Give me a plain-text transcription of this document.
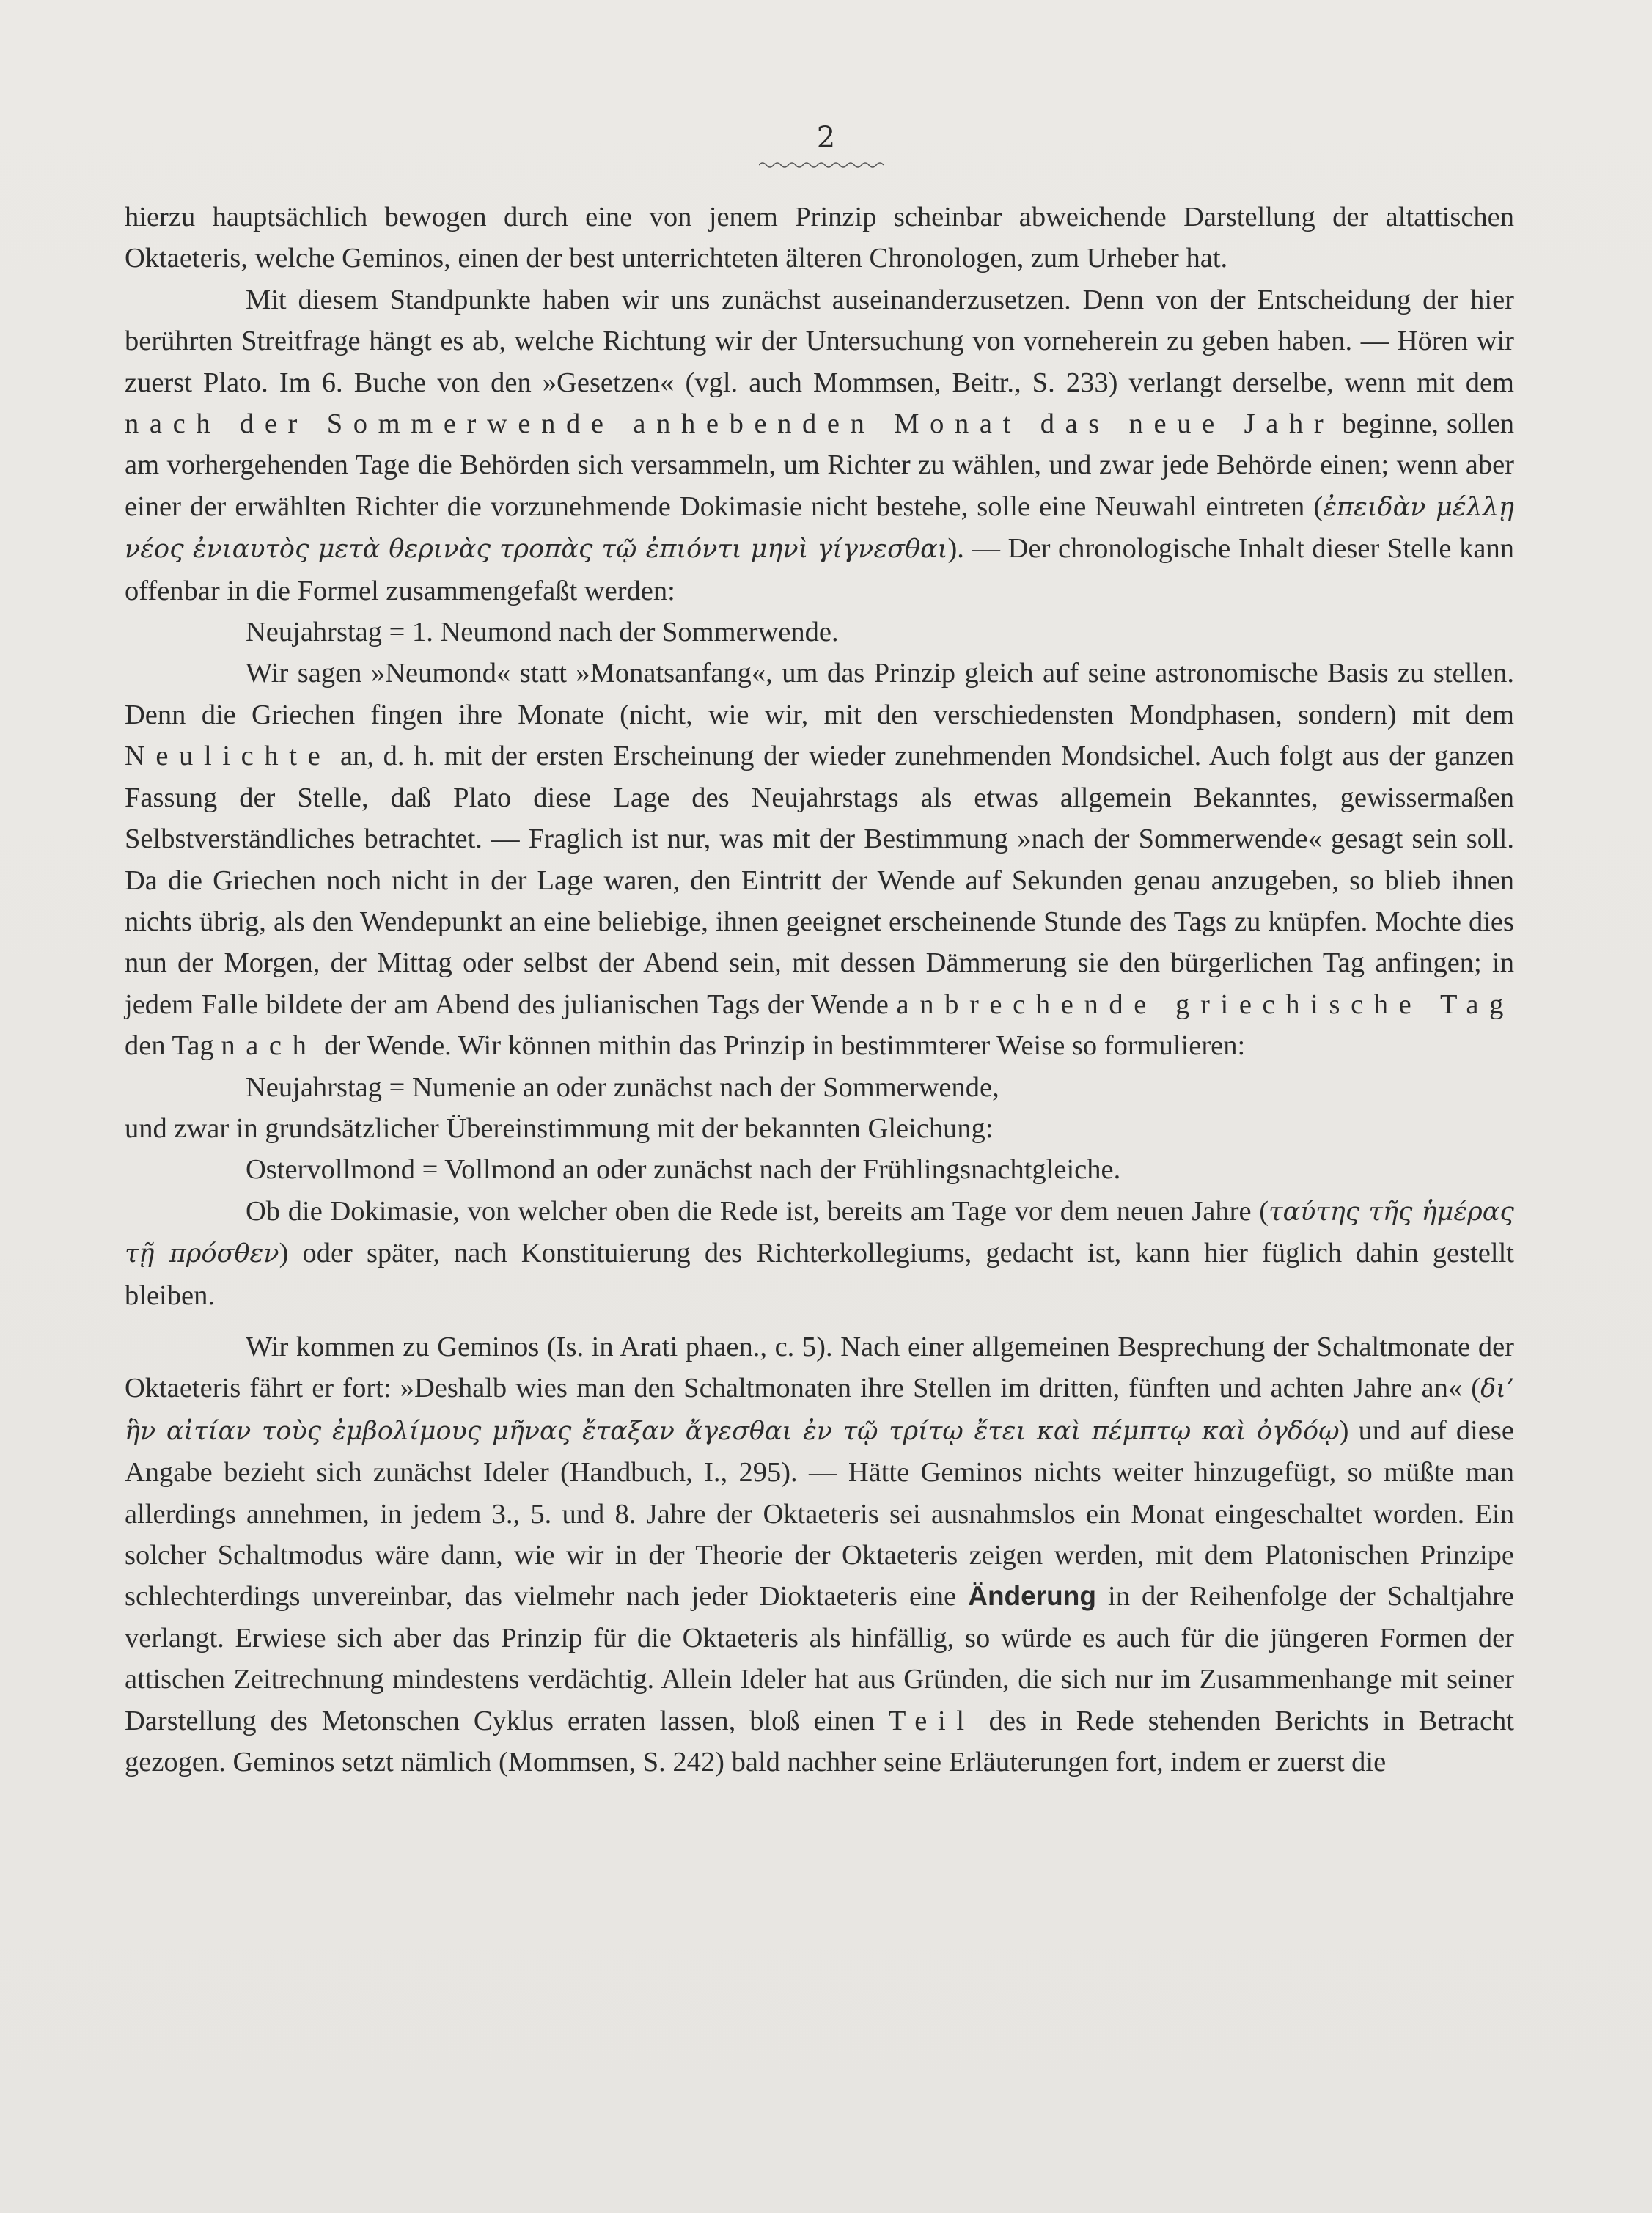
2

hierzu hauptsächlich bewogen durch eine von jenem Prinzip scheinbar abweichende Darstellung der altattischen Oktaeteris, welche Geminos, einen der best unterrichteten älteren Chronologen, zum Urheber hat.

Mit diesem Standpunkte haben wir uns zunächst auseinanderzusetzen. Denn von der Entscheidung der hier berührten Streitfrage hängt es ab, welche Richtung wir der Untersuchung von vorneherein zu geben haben. — Hören wir zuerst Plato. Im 6. Buche von den »Gesetzen« (vgl. auch Mommsen, Beitr., S. 233) verlangt derselbe, wenn mit dem nach der Sommerwende anhebenden Monat das neue Jahr beginne, sollen am vorhergehenden Tage die Behörden sich versammeln, um Richter zu wählen, und zwar jede Behörde einen; wenn aber einer der erwählten Richter die vorzunehmende Dokimasie nicht bestehe, solle eine Neuwahl eintreten (ἐπειδὰν μέλλῃ νέος ἐνιαυτὸς μετὰ θερινὰς τροπὰς τῷ ἐπιόντι μηνὶ γίγνεσθαι). — Der chronologische Inhalt dieser Stelle kann offenbar in die Formel zusammengefaßt werden:

Neujahrstag = 1. Neumond nach der Sommerwende.

Wir sagen »Neumond« statt »Monatsanfang«, um das Prinzip gleich auf seine astronomische Basis zu stellen. Denn die Griechen fingen ihre Monate (nicht, wie wir, mit den verschiedensten Mondphasen, sondern) mit dem Neulichte an, d. h. mit der ersten Erscheinung der wieder zunehmenden Mondsichel. Auch folgt aus der ganzen Fassung der Stelle, daß Plato diese Lage des Neujahrstags als etwas allgemein Bekanntes, gewissermaßen Selbstverständliches betrachtet. — Fraglich ist nur, was mit der Bestimmung »nach der Sommerwende« gesagt sein soll. Da die Griechen noch nicht in der Lage waren, den Eintritt der Wende auf Sekunden genau anzugeben, so blieb ihnen nichts übrig, als den Wendepunkt an eine beliebige, ihnen geeignet erscheinende Stunde des Tags zu knüpfen. Mochte dies nun der Morgen, der Mittag oder selbst der Abend sein, mit dessen Dämmerung sie den bürgerlichen Tag anfingen; in jedem Falle bildete der am Abend des julianischen Tags der Wende anbrechende griechische Tag den Tag nach der Wende. Wir können mithin das Prinzip in bestimmterer Weise so formulieren:

Neujahrstag = Numenie an oder zunächst nach der Sommerwende,

und zwar in grundsätzlicher Übereinstimmung mit der bekannten Gleichung:

Ostervollmond = Vollmond an oder zunächst nach der Frühlingsnachtgleiche.

Ob die Dokimasie, von welcher oben die Rede ist, bereits am Tage vor dem neuen Jahre (ταύτης τῆς ἡμέρας τῇ πρόσθεν) oder später, nach Konstituierung des Richterkollegiums, gedacht ist, kann hier füglich dahin gestellt bleiben.

Wir kommen zu Geminos (Is. in Arati phaen., c. 5). Nach einer allgemeinen Besprechung der Schaltmonate der Oktaeteris fährt er fort: »Deshalb wies man den Schaltmonaten ihre Stellen im dritten, fünften und achten Jahre an« (δι’ ἣν αἰτίαν τοὺς ἐμβολίμους μῆνας ἔταξαν ἄγεσθαι ἐν τῷ τρίτῳ ἔτει καὶ πέμπτῳ καὶ ὀγδόῳ) und auf diese Angabe bezieht sich zunächst Ideler (Handbuch, I., 295). — Hätte Geminos nichts weiter hinzugefügt, so müßte man allerdings annehmen, in jedem 3., 5. und 8. Jahre der Oktaeteris sei ausnahmslos ein Monat eingeschaltet worden. Ein solcher Schaltmodus wäre dann, wie wir in der Theorie der Oktaeteris zeigen werden, mit dem Platonischen Prinzipe schlechterdings unvereinbar, das vielmehr nach jeder Dioktaeteris eine Änderung in der Reihenfolge der Schaltjahre verlangt. Erwiese sich aber das Prinzip für die Oktaeteris als hinfällig, so würde es auch für die jüngeren Formen der attischen Zeitrechnung mindestens verdächtig. Allein Ideler hat aus Gründen, die sich nur im Zusammenhange mit seiner Darstellung des Metonschen Cyklus erraten lassen, bloß einen Teil des in Rede stehenden Berichts in Betracht gezogen. Geminos setzt nämlich (Mommsen, S. 242) bald nachher seine Erläuterungen fort, indem er zuerst die
